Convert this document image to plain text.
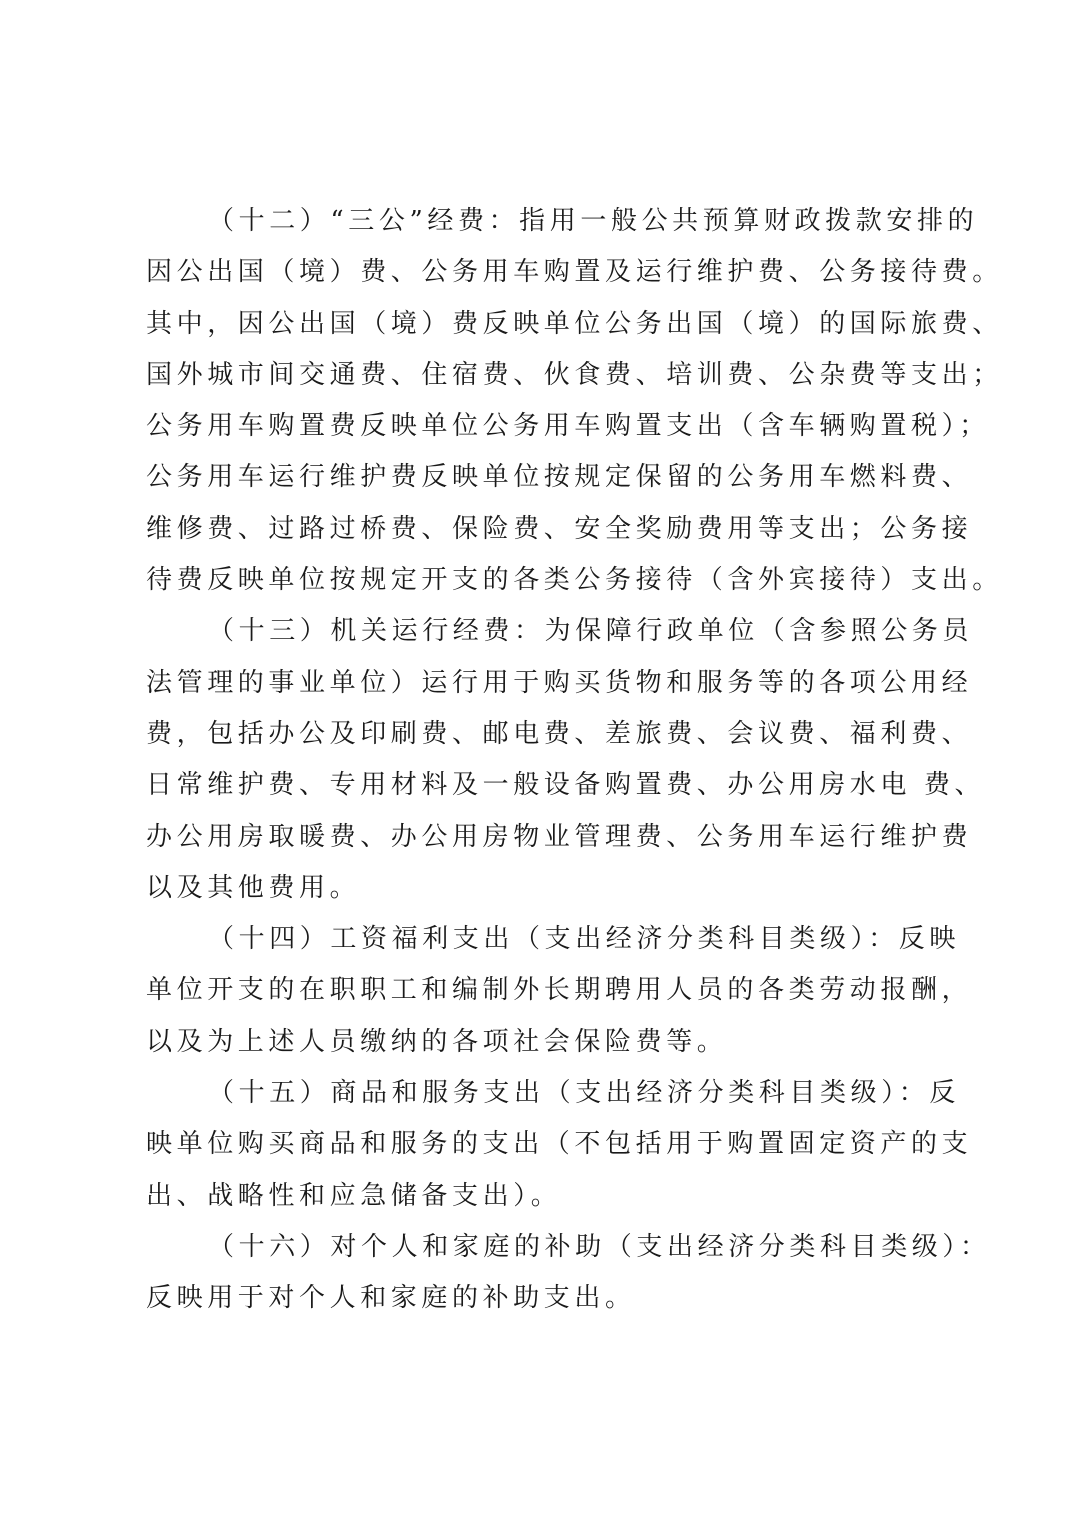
（十二）“三公”经费：指用一般公共预算财政拨款安排的
因公出国（境）费、公务用车购置及运行维护费、公务接待费。
其中，因公出国（境）费反映单位公务出国（境）的国际旅费、
国外城市间交通费、住宿费、伙食费、培训费、公杂费等支出；
公务用车购置费反映单位公务用车购置支出（含车辆购置税）；
公务用车运行维护费反映单位按规定保留的公务用车燃料费、
维修费、过路过桥费、保险费、安全奖励费用等支出；公务接
待费反映单位按规定开支的各类公务接待（含外宾接待）支出。
（十三）机关运行经费：为保障行政单位（含参照公务员
法管理的事业单位）运行用于购买货物和服务等的各项公用经
费，包括办公及印刷费、邮电费、差旅费、会议费、福利费、
日常维护费、专用材料及一般设备购置费、办公用房水电 费、
办公用房取暖费、办公用房物业管理费、公务用车运行维护费
以及其他费用。
（十四）工资福利支出（支出经济分类科目类级）：反映
单位开支的在职职工和编制外长期聘用人员的各类劳动报酬，
以及为上述人员缴纳的各项社会保险费等。
（十五）商品和服务支出（支出经济分类科目类级）：反
映单位购买商品和服务的支出（不包括用于购置固定资产的支
出、战略性和应急储备支出）。
（十六）对个人和家庭的补助（支出经济分类科目类级）：
反映用于对个人和家庭的补助支出。
